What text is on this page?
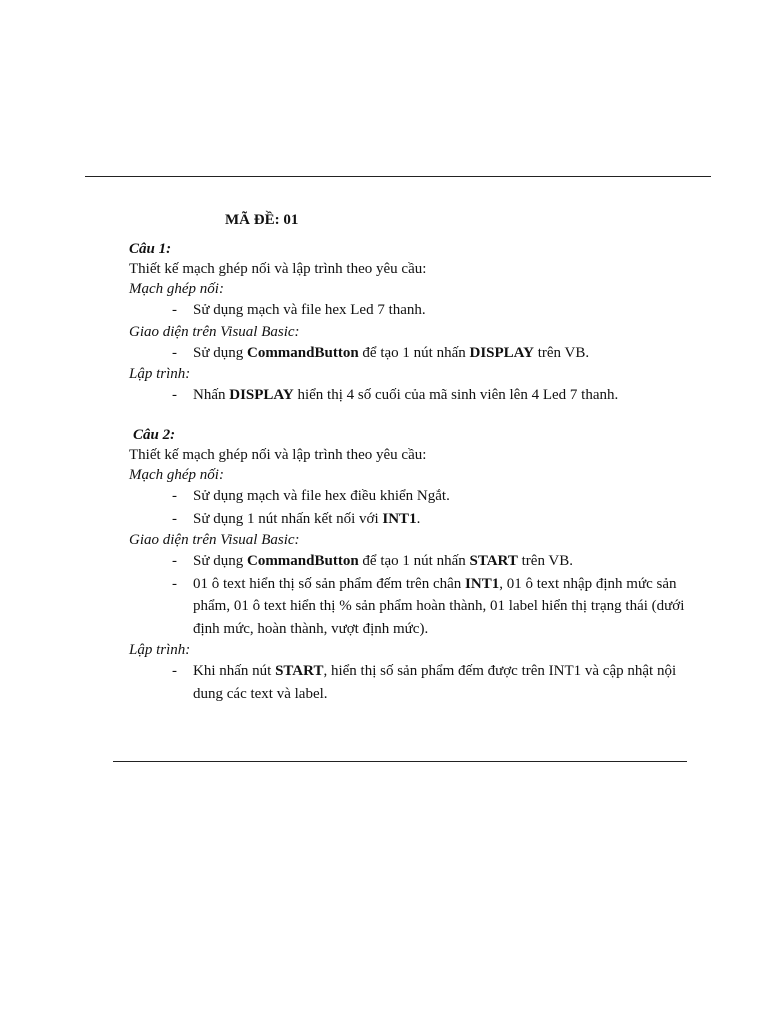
MÃ ĐỀ: 01
Câu 1:
Thiết kế mạch ghép nối và lập trình theo yêu cầu:
Mạch ghép nối:
- Sử dụng mạch và file hex Led 7 thanh.
Giao diện trên Visual Basic:
- Sử dụng CommandButton để tạo 1 nút nhấn DISPLAY trên VB.
Lập trình:
- Nhấn DISPLAY hiển thị 4 số cuối của mã sinh viên lên 4 Led 7 thanh.
Câu 2:
Thiết kế mạch ghép nối và lập trình theo yêu cầu:
Mạch ghép nối:
- Sử dụng mạch và file hex điều khiển Ngắt.
- Sử dụng 1 nút nhấn kết nối với INT1.
Giao diện trên Visual Basic:
- Sử dụng CommandButton để tạo 1 nút nhấn START trên VB.
- 01 ô text hiển thị số sản phẩm đếm trên chân INT1, 01 ô text nhập định mức sản phẩm, 01 ô text hiển thị % sản phẩm hoàn thành, 01 label hiển thị trạng thái (dưới định mức, hoàn thành, vượt định mức).
Lập trình:
- Khi nhấn nút START, hiển thị số sản phẩm đếm được trên INT1 và cập nhật nội dung các text và label.
